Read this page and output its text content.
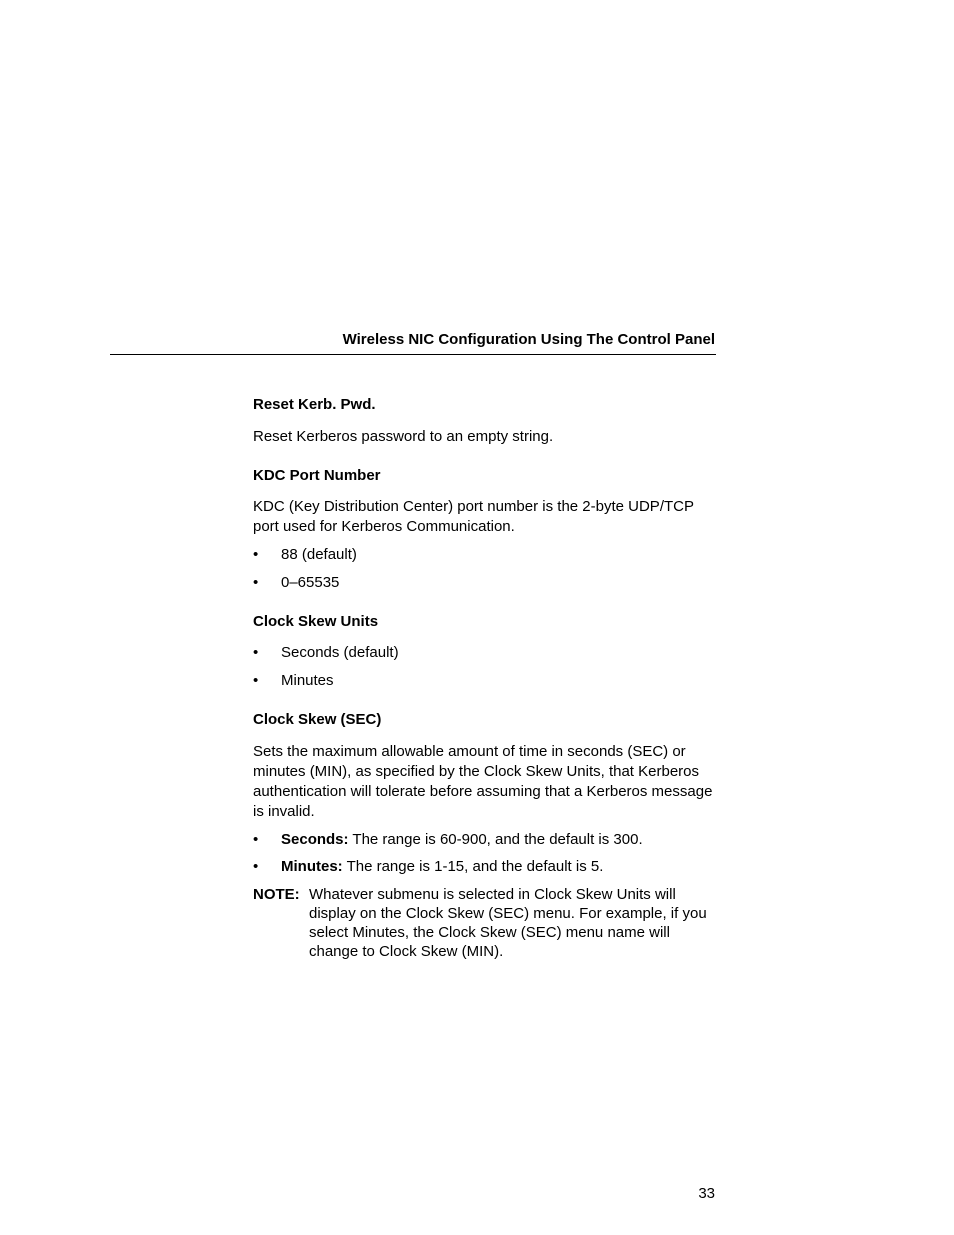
Wireless NIC Configuration Using The Control Panel

Reset Kerb. Pwd.

Reset Kerberos password to an empty string.

KDC Port Number

KDC (Key Distribution Center) port number is the 2-byte UDP/TCP port used for Kerberos Communication.

• 88 (default)

• 0–65535

Clock Skew Units

• Seconds (default)

• Minutes

Clock Skew (SEC)

Sets the maximum allowable amount of time in seconds (SEC) or minutes (MIN), as specified by the Clock Skew Units, that Kerberos authentication will tolerate before assuming that a Kerberos message is invalid.

• Seconds: The range is 60-900, and the default is 300.

• Minutes: The range is 1-15, and the default is 5.

NOTE: Whatever submenu is selected in Clock Skew Units will display on the Clock Skew (SEC) menu. For example, if you select Minutes, the Clock Skew (SEC) menu name will change to Clock Skew (MIN).
33
